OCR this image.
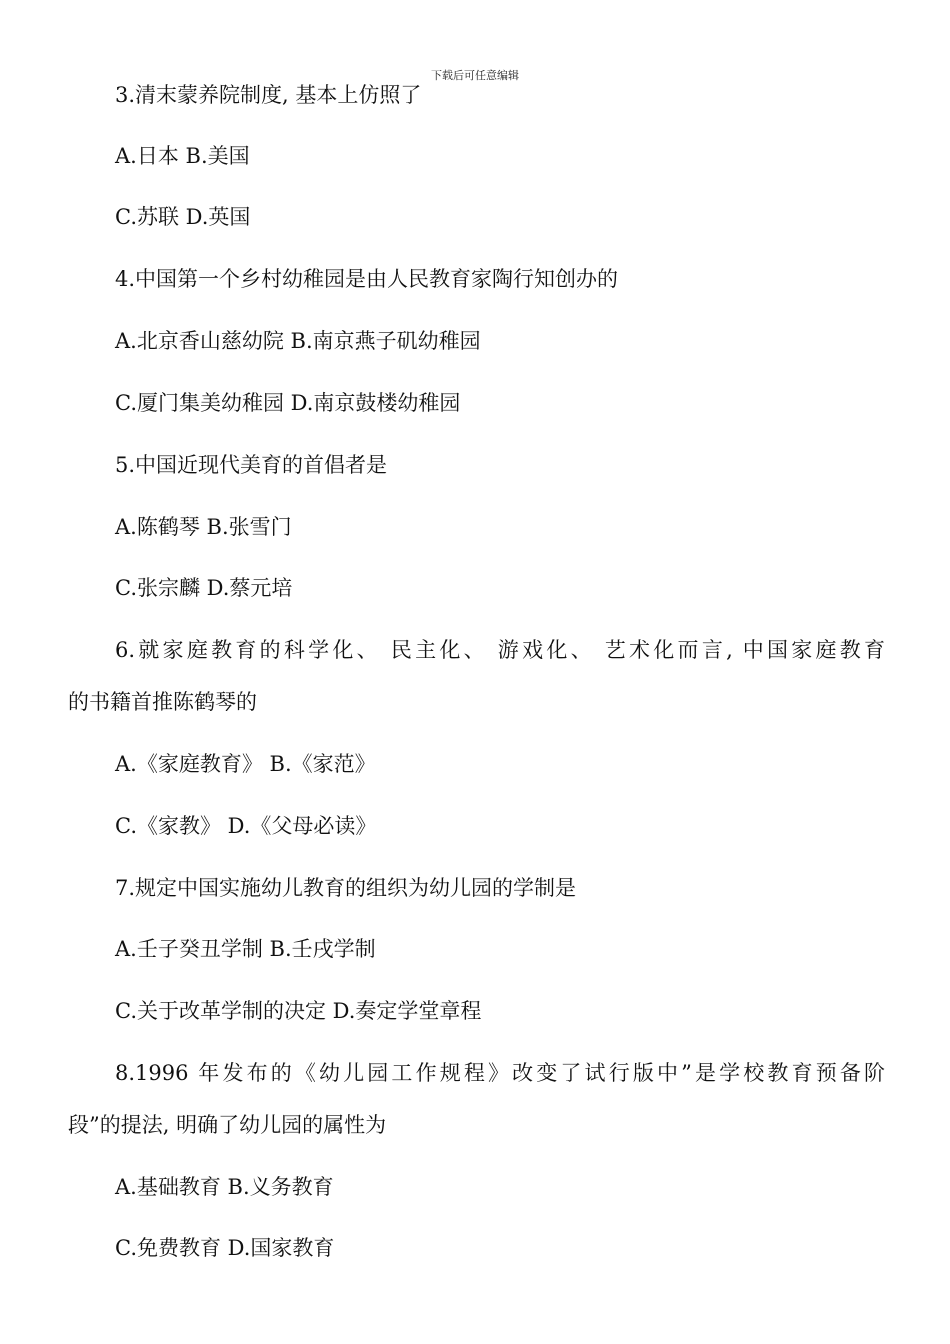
下载后可任意编辑
3.清末蒙养院制度, 基本上仿照了
A.日本 B.美国
C.苏联 D.英国
4.中国第一个乡村幼稚园是由人民教育家陶行知创办的
A.北京香山慈幼院 B.南京燕子矶幼稚园
C.厦门集美幼稚园 D.南京鼓楼幼稚园
5.中国近现代美育的首倡者是
A.陈鹤琴 B.张雪门
C.张宗麟 D.蔡元培
6.就家庭教育的科学化、 民主化、 游戏化、 艺术化而言, 中国家庭教育
的书籍首推陈鹤琴的
A.《家庭教育》 B.《家范》
C.《家教》 D.《父母必读》
7.规定中国实施幼儿教育的组织为幼儿园的学制是
A.壬子癸丑学制 B.壬戌学制
C.关于改革学制的决定 D.奏定学堂章程
8.1996 年发布的《幼儿园工作规程》改变了试行版中”是学校教育预备阶
段”的提法, 明确了幼儿园的属性为
A.基础教育 B.义务教育
C.免费教育 D.国家教育
